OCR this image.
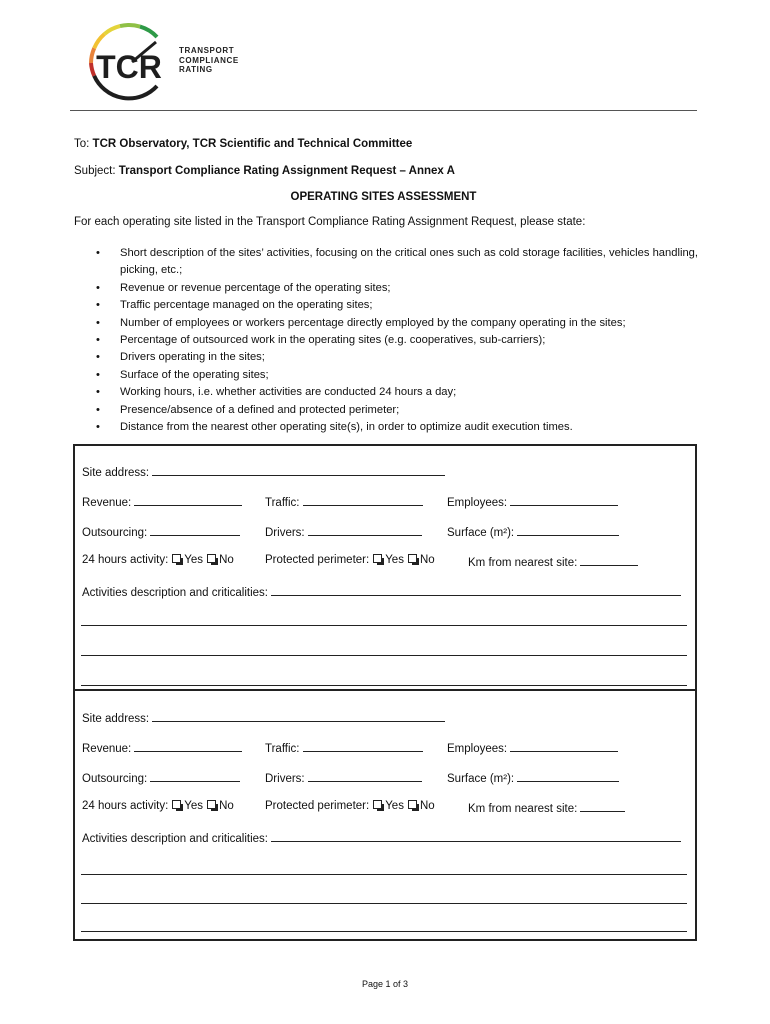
TCR TRANSPORT
COMPLIANCE
RATING
To: TCR Observatory, TCR Scientific and Technical Committee
Subject: Transport Compliance Rating Assignment Request – Annex A
OPERATING SITES ASSESSMENT
For each operating site listed in the Transport Compliance Rating Assignment Request, please state:
• Short description of the sites’ activities, focusing on the critical ones such as cold storage facilities, vehicles handling, picking, etc.;
• Revenue or revenue percentage of the operating sites;
• Traffic percentage managed on the operating sites;
• Number of employees or workers percentage directly employed by the company operating in the sites;
• Percentage of outsourced work in the operating sites (e.g. cooperatives, sub-carriers);
• Drivers operating in the sites;
• Surface of the operating sites;
• Working hours, i.e. whether activities are conducted 24 hours a day;
• Presence/absence of a defined and protected perimeter;
• Distance from the nearest other operating site(s), in order to optimize audit execution times.
Site address:
Revenue:	Traffic:	Employees:
Outsourcing:	Drivers:	Surface (m²):
24 hours activity: Yes No	Protected perimeter: Yes No	Km from nearest site:
Activities description and criticalities:
Site address:
Revenue:	Traffic:	Employees:
Outsourcing:	Drivers:	Surface (m²):
24 hours activity: Yes No	Protected perimeter: Yes No	Km from nearest site:
Activities description and criticalities:
Page 1 of 3
